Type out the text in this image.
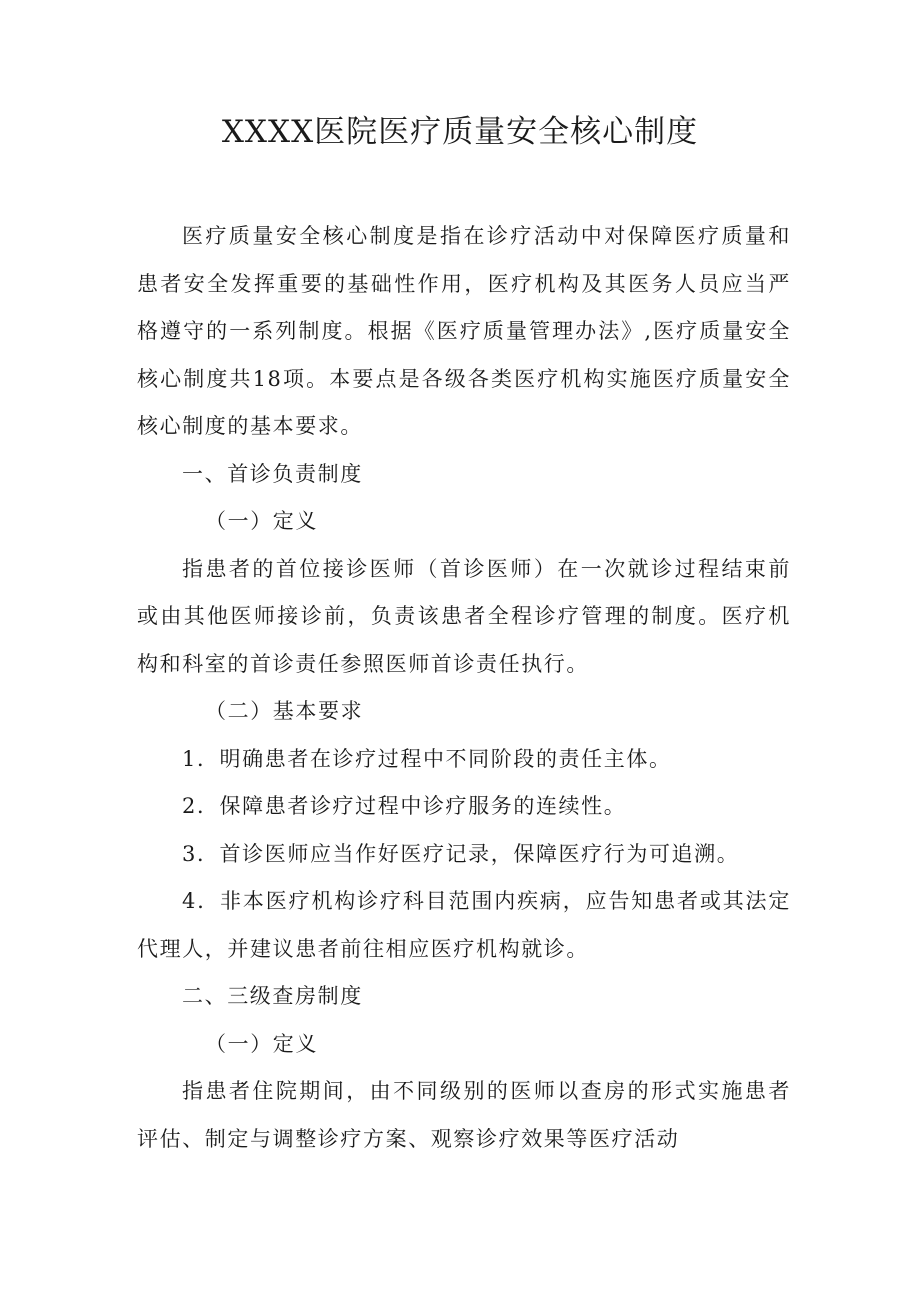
XXXX医院医疗质量安全核心制度

医疗质量安全核心制度是指在诊疗活动中对保障医疗质量和患者安全发挥重要的基础性作用，医疗机构及其医务人员应当严格遵守的一系列制度。根据《医疗质量管理办法》,医疗质量安全核心制度共18项。本要点是各级各类医疗机构实施医疗质量安全核心制度的基本要求。

一、首诊负责制度

（一）定义

指患者的首位接诊医师（首诊医师）在一次就诊过程结束前或由其他医师接诊前，负责该患者全程诊疗管理的制度。医疗机构和科室的首诊责任参照医师首诊责任执行。

（二）基本要求

1．明确患者在诊疗过程中不同阶段的责任主体。

2．保障患者诊疗过程中诊疗服务的连续性。

3．首诊医师应当作好医疗记录，保障医疗行为可追溯。

4．非本医疗机构诊疗科目范围内疾病，应告知患者或其法定代理人，并建议患者前往相应医疗机构就诊。

二、三级查房制度

（一）定义

指患者住院期间，由不同级别的医师以查房的形式实施患者评估、制定与调整诊疗方案、观察诊疗效果等医疗活动
